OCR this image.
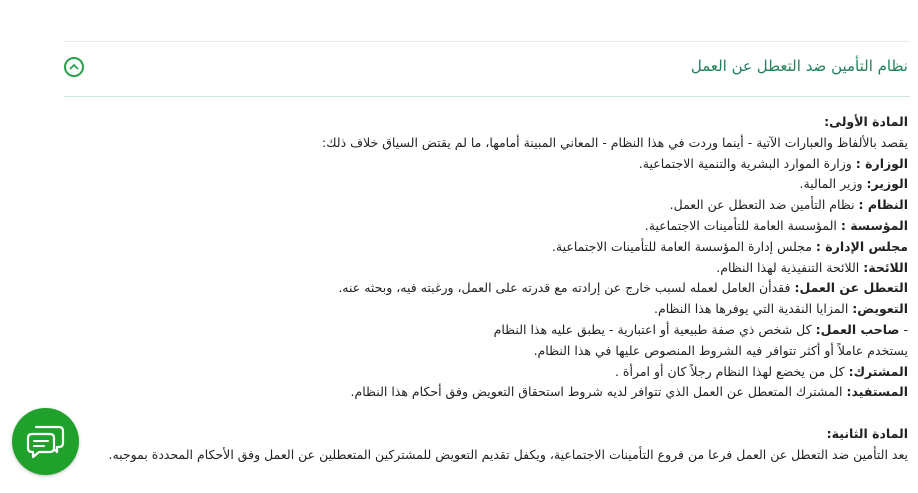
نظام التأمين ضد التعطل عن العمل
المادة الأولى:
يقصد بالألفاظ والعبارات الآتية - أينما وردت في هذا النظام - المعاني المبينة أمامها، ما لم يقتض السياق خلاف ذلك:
الوزارة : وزارة الموارد البشرية والتنمية الاجتماعية.
الوزير: وزير المالية.
النظام : نظام التأمين ضد التعطل عن العمل.
المؤسسة : المؤسسة العامة للتأمينات الاجتماعية.
مجلس الإدارة : مجلس إدارة المؤسسة العامة للتأمينات الاجتماعية.
اللائحة: اللائحة التنفيذية لهذا النظام.
التعطل عن العمل: فقدأن العامل لعمله لسبب خارج عن إرادته مع قدرته على العمل، ورغبته فيه، وبحثه عنه.
التعويض: المزايا النقدية التي يوفرها هذا النظام.
- صاحب العمل: كل شخص ذي صفة طبيعية أو اعتبارية - يطبق عليه هذا النظام
يستخدم عاملاً أو أكثر تتوافر فيه الشروط المنصوص عليها في هذا النظام.
المشترك: كل من يخضع لهذا النظام رجلاً كان أو امرأة .
المستفيد: المشترك المتعطل عن العمل الذي تتوافر لديه شروط استحقاق التعويض وفق أحكام هذا النظام.
المادة الثانية:
يعد التأمين ضد التعطل عن العمل فرعا من فروع التأمينات الاجتماعية، ويكفل تقديم التعويض للمشتركين المتعطلين عن العمل وفق الأحكام المحددة بموجبه.
